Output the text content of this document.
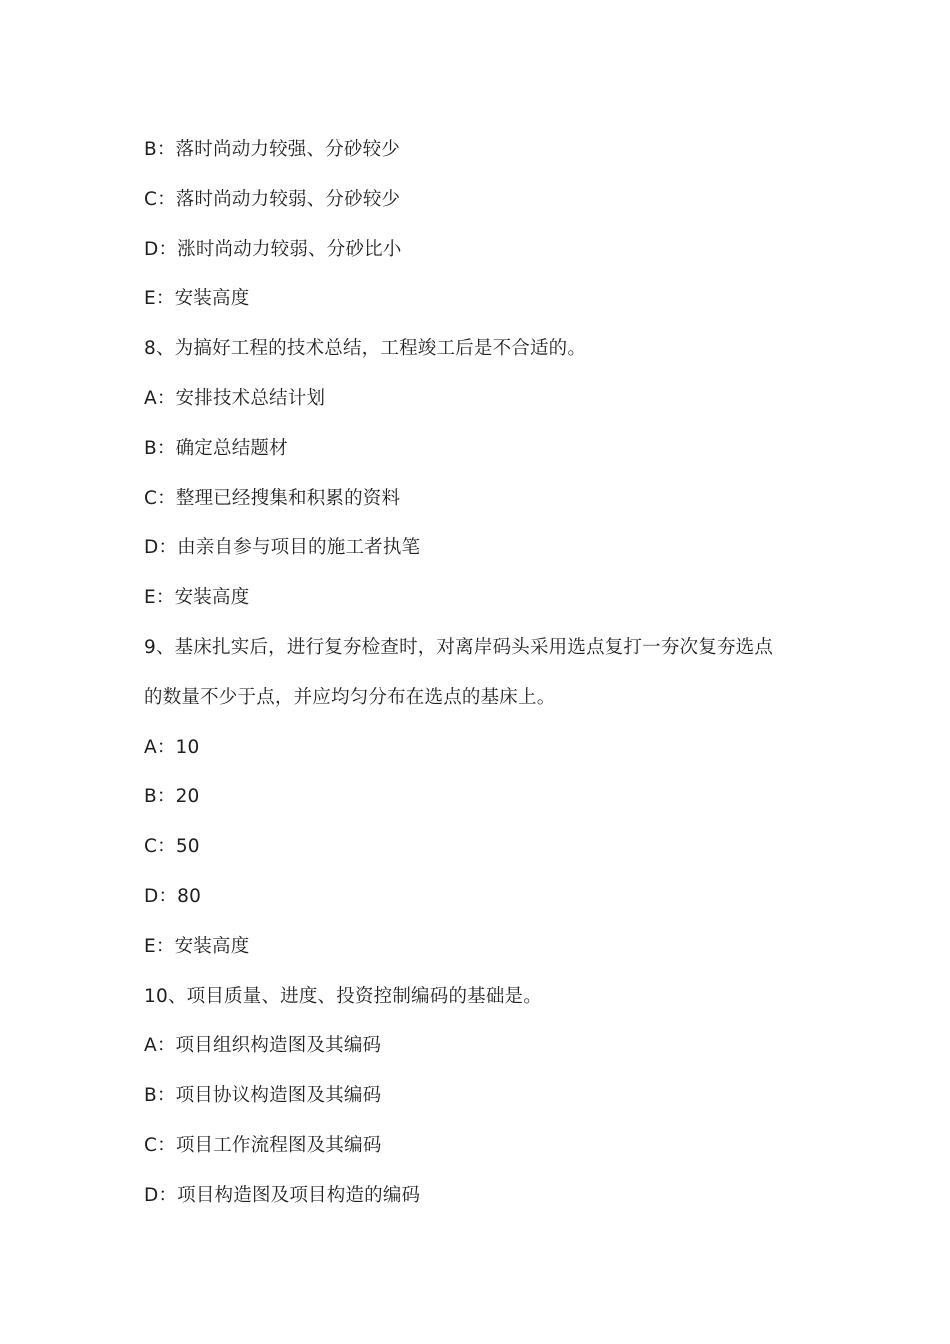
B：落时尚动力较强、分砂较少
C：落时尚动力较弱、分砂较少
D：涨时尚动力较弱、分砂比小
E：安装高度
8、为搞好工程的技术总结，工程竣工后是不合适的。
A：安排技术总结计划
B：确定总结题材
C：整理已经搜集和积累的资料
D：由亲自参与项目的施工者执笔
E：安装高度
9、基床扎实后，进行复夯检查时，对离岸码头采用选点复打一夯次复夯选点
的数量不少于点，并应均匀分布在选点的基床上。
A：10
B：20
C：50
D：80
E：安装高度
10、项目质量、进度、投资控制编码的基础是。
A：项目组织构造图及其编码
B：项目协议构造图及其编码
C：项目工作流程图及其编码
D：项目构造图及项目构造的编码
